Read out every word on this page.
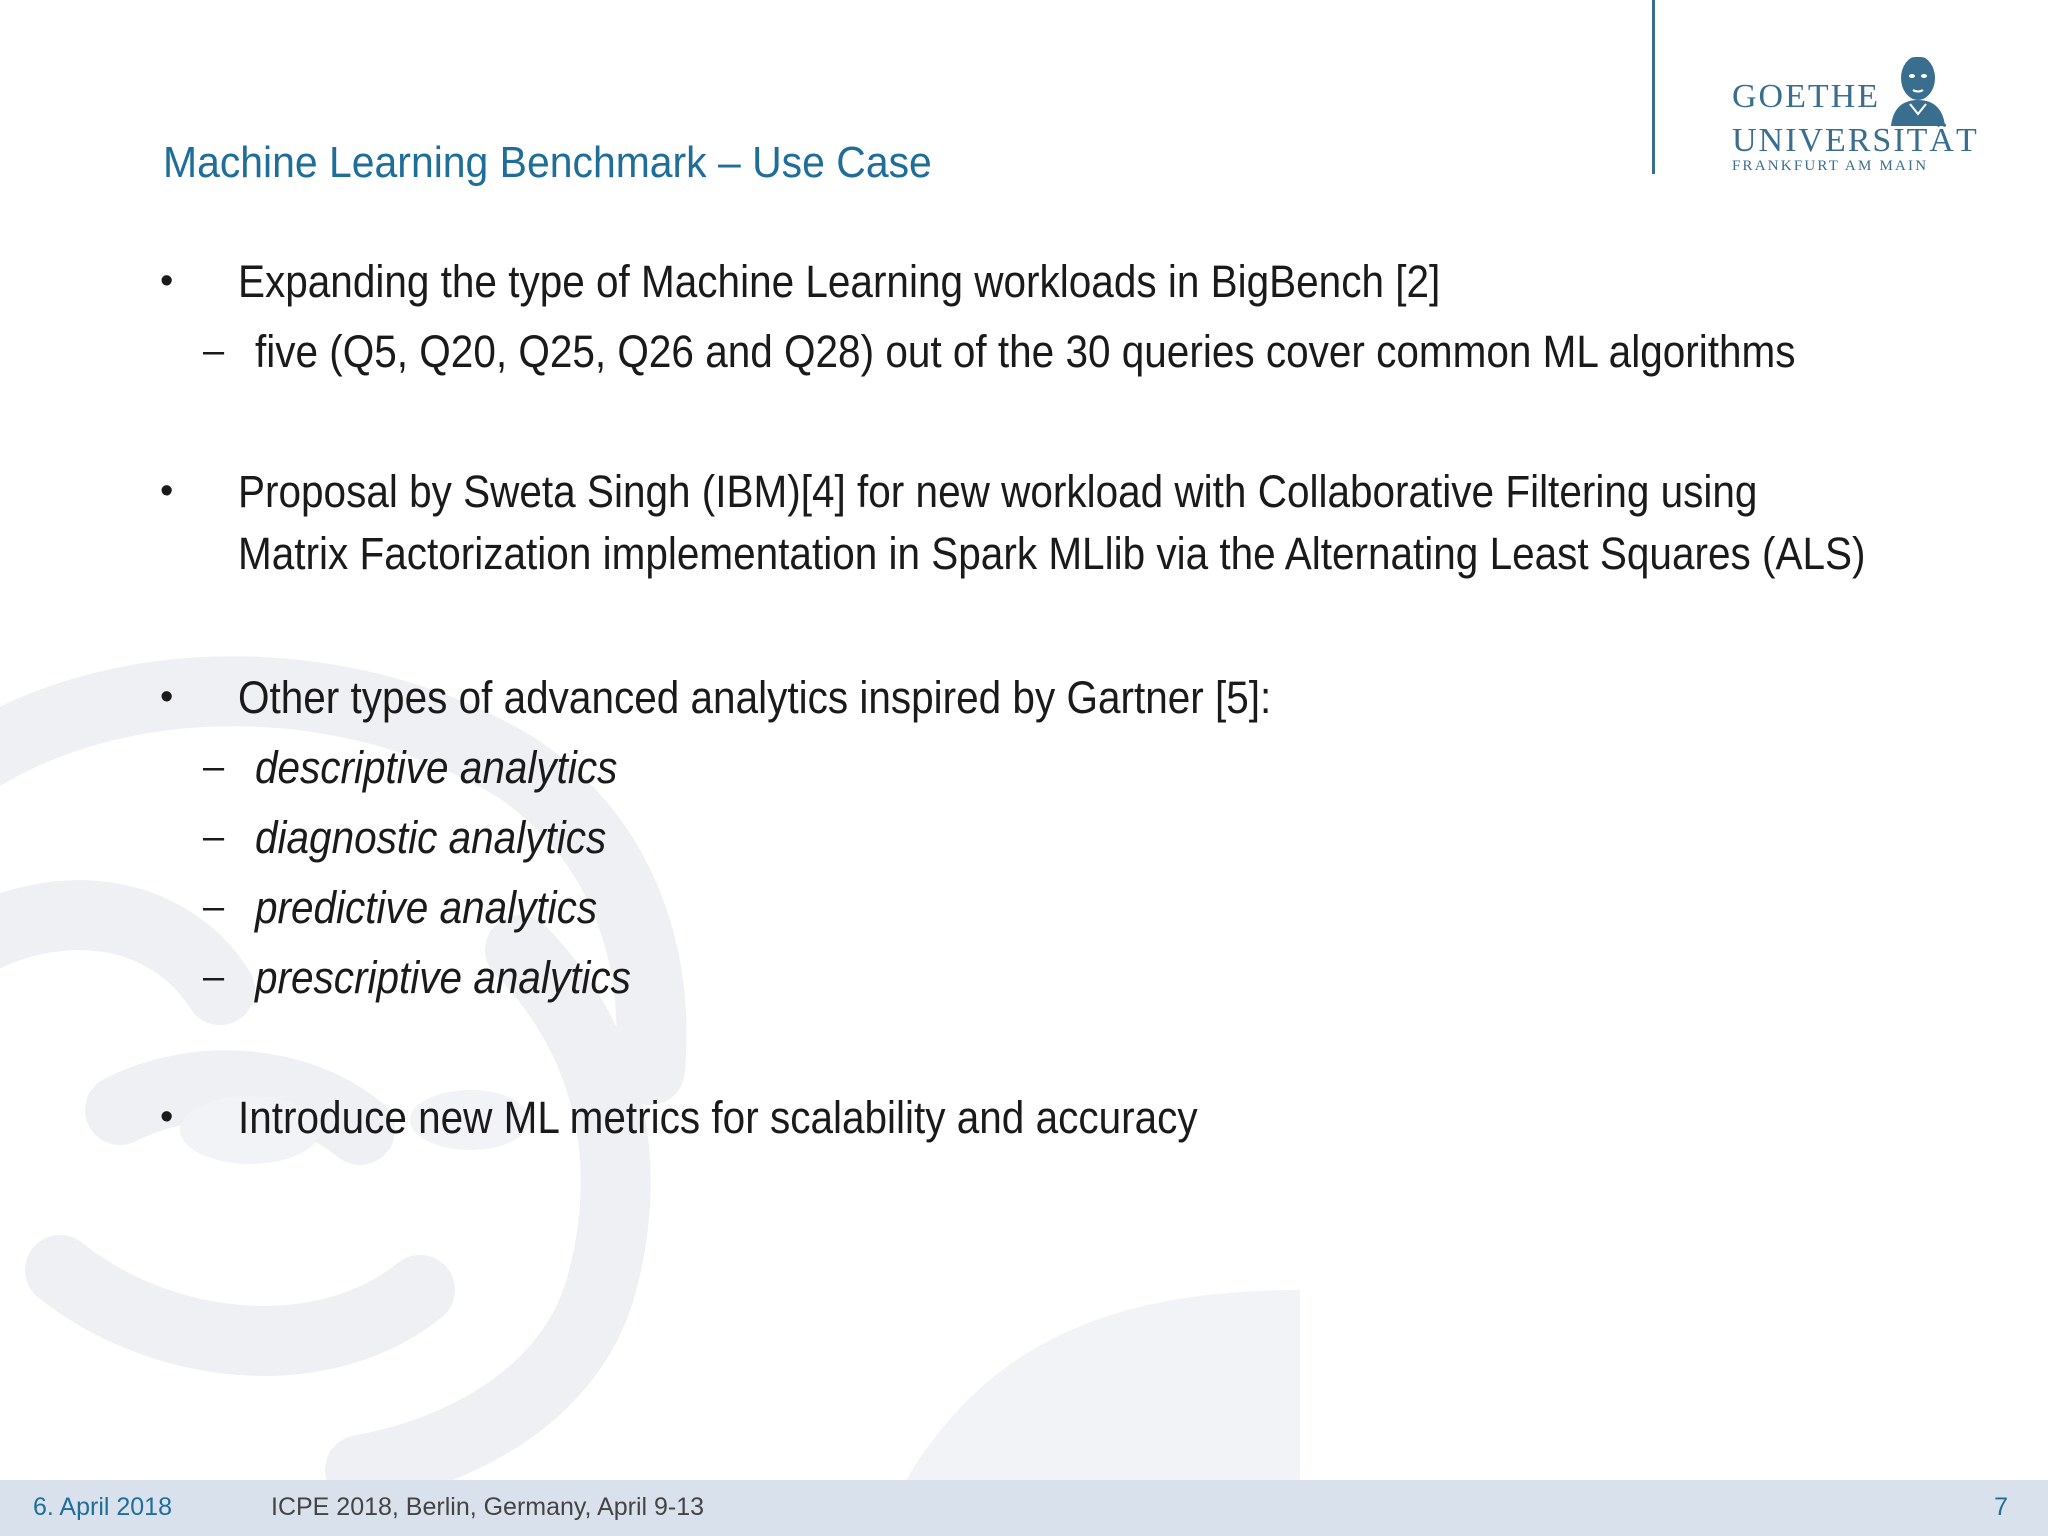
GOETHE
UNIVERSITÄT
FRANKFURT AM MAIN
Machine Learning Benchmark – Use Case
• Expanding the type of Machine Learning workloads in BigBench [2]
– five (Q5, Q20, Q25, Q26 and Q28) out of the 30 queries cover common ML algorithms
• Proposal by Sweta Singh (IBM)[4] for new workload with Collaborative Filtering using
Matrix Factorization implementation in Spark MLlib via the Alternating Least Squares (ALS)
• Other types of advanced analytics inspired by Gartner [5]:
– descriptive analytics
– diagnostic analytics
– predictive analytics
– prescriptive analytics
• Introduce new ML metrics for scalability and accuracy
6. April 2018	ICPE 2018, Berlin, Germany, April 9-13	7
